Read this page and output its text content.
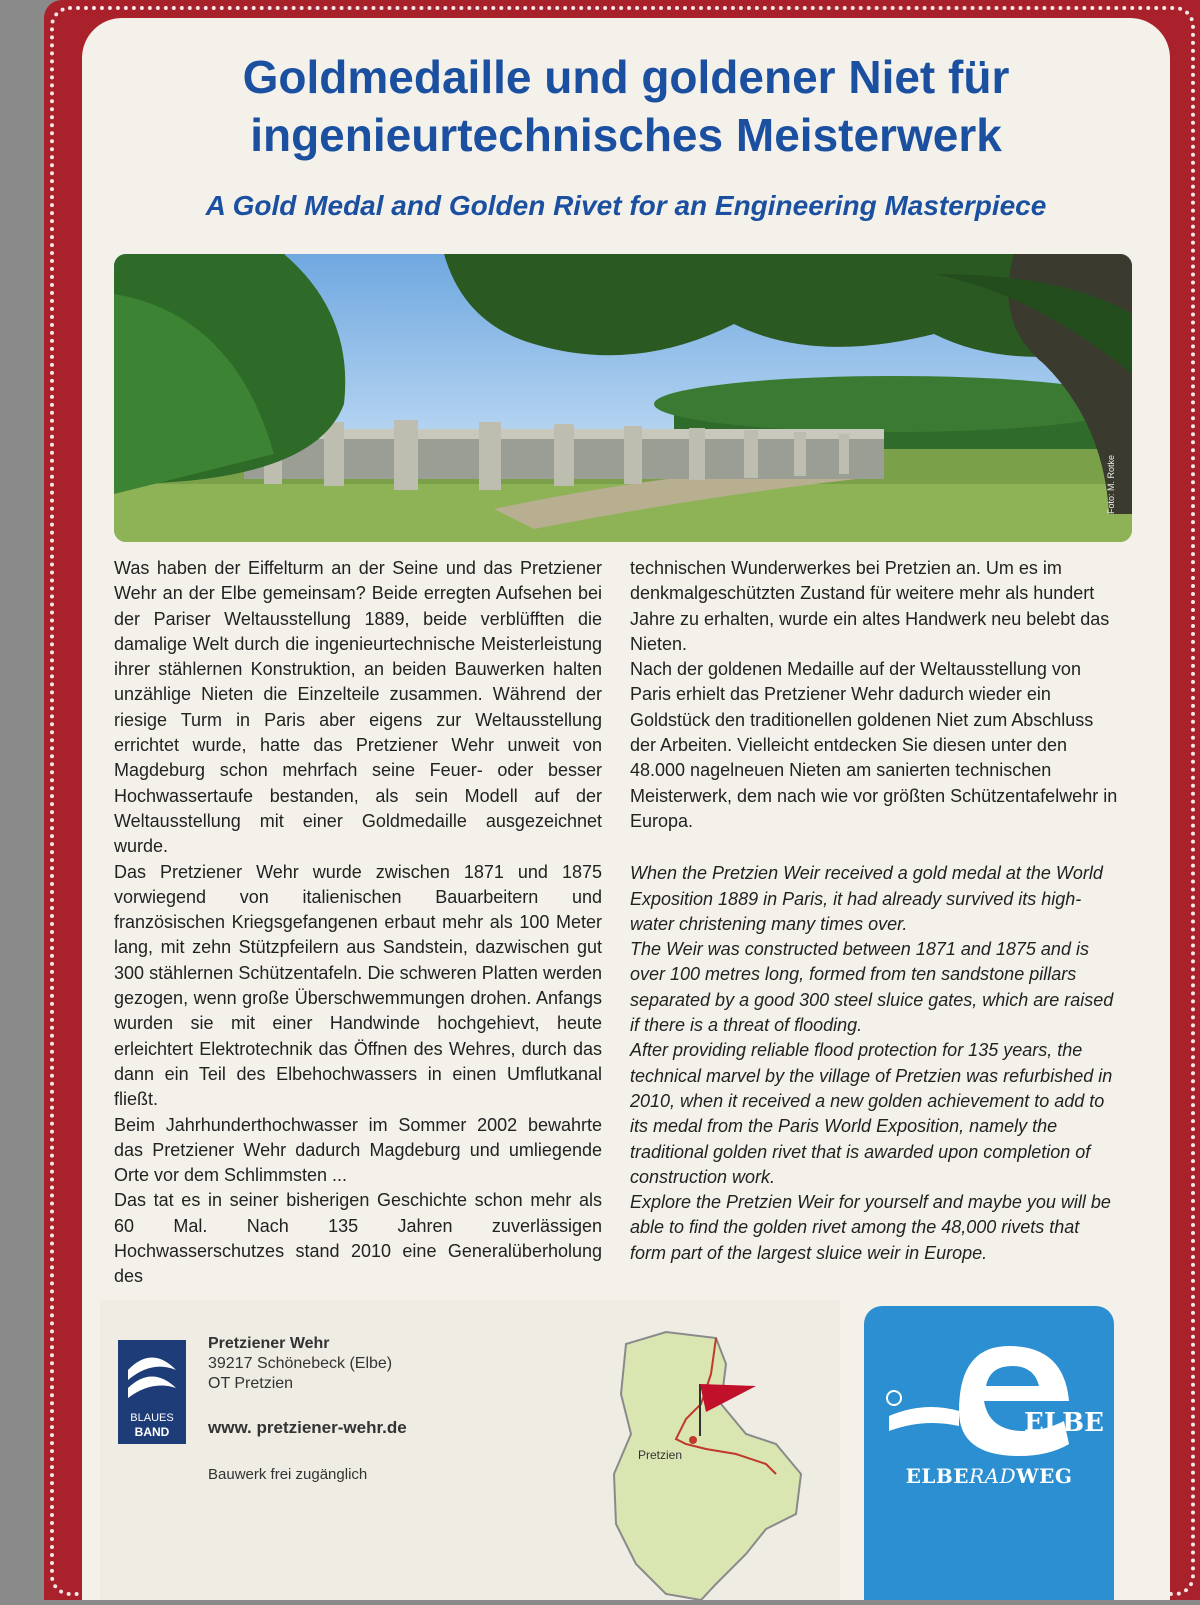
Goldmedaille und goldener Niet für ingenieurtechnisches Meisterwerk
A Gold Medal and Golden Rivet for an Engineering Masterpiece
Foto: M. Rotke

Was haben der Eiffelturm an der Seine und das Pretziener Wehr an der Elbe gemeinsam? Beide erregten Aufsehen bei der Pariser Weltausstellung 1889, beide verblüfften die damalige Welt durch die ingenieurtechnische Meisterleistung ihrer stählernen Konstruktion, an beiden Bauwerken halten unzählige Nieten die Einzelteile zusammen. Während der riesige Turm in Paris aber eigens zur Weltausstellung errichtet wurde, hatte das Pretziener Wehr unweit von Magdeburg schon mehrfach seine Feuer- oder besser Hochwassertaufe bestanden, als sein Modell auf der Weltausstellung mit einer Goldmedaille ausgezeichnet wurde.

Das Pretziener Wehr wurde zwischen 1871 und 1875 vorwiegend von italienischen Bauarbeitern und französischen Kriegsgefangenen erbaut mehr als 100 Meter lang, mit zehn Stützpfeilern aus Sandstein, dazwischen gut 300 stählernen Schützentafeln. Die schweren Platten werden gezogen, wenn große Überschwemmungen drohen. Anfangs wurden sie mit einer Handwinde hochgehievt, heute erleichtert Elektrotechnik das Öffnen des Wehres, durch das dann ein Teil des Elbehochwassers in einen Umflutkanal fließt.

Beim Jahrhunderthochwasser im Sommer 2002 bewahrte das Pretziener Wehr dadurch Magdeburg und umliegende Orte vor dem Schlimmsten ...

Das tat es in seiner bisherigen Geschichte schon mehr als 60 Mal. Nach 135 Jahren zuverlässigen Hochwasserschutzes stand 2010 eine Generalüberholung des

technischen Wunderwerkes bei Pretzien an. Um es im denkmalgeschützten Zustand für weitere mehr als hundert Jahre zu erhalten, wurde ein altes Handwerk neu belebt das Nieten.

Nach der goldenen Medaille auf der Weltausstellung von Paris erhielt das Pretziener Wehr dadurch wieder ein Goldstück den traditionellen goldenen Niet zum Abschluss der Arbeiten. Vielleicht entdecken Sie diesen unter den 48.000 nagelneuen Nieten am sanierten technischen Meisterwerk, dem nach wie vor größten Schützentafelwehr in Europa.

When the Pretzien Weir received a gold medal at the World Exposition 1889 in Paris, it had already survived its high-water christening many times over.

The Weir was constructed between 1871 and 1875 and is over 100 metres long, formed from ten sandstone pillars separated by a good 300 steel sluice gates, which are raised if there is a threat of flooding.

After providing reliable flood protection for 135 years, the technical marvel by the village of Pretzien was refurbished in 2010, when it received a new golden achievement to add to its medal from the Paris World Exposition, namely the traditional golden rivet that is awarded upon completion of construction work.

Explore the Pretzien Weir for yourself and maybe you will be able to find the golden rivet among the 48,000 rivets that form part of the largest sluice weir in Europe.

BLAUES
BAND
Pretziener Wehr
39217 Schönebeck (Elbe)
OT Pretzien
www. pretziener-wehr.de
Bauwerk frei zugänglich
Pretzien
ELBE
ELBERADWEG
